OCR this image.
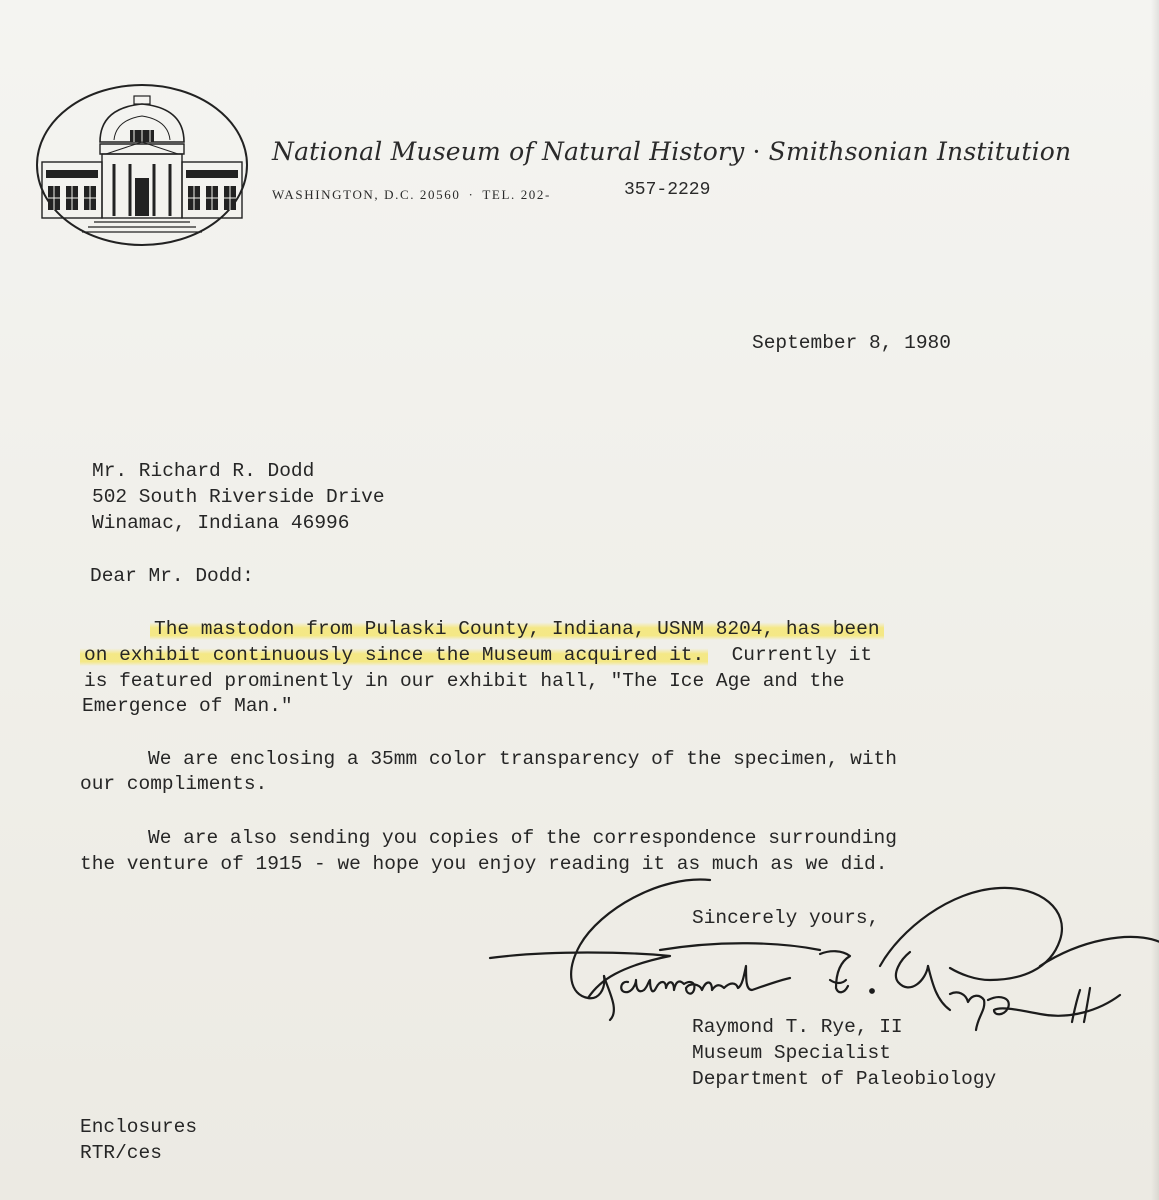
National Museum of Natural History · Smithsonian Institution
WASHINGTON, D.C. 20560 · TEL. 202-	357-2229
September 8, 1980
Mr. Richard R. Dodd
502 South Riverside Drive
Winamac, Indiana 46996
Dear Mr. Dodd:
The mastodon from Pulaski County, Indiana, USNM 8204, has been
on exhibit continuously since the Museum acquired it.  Currently it
is featured prominently in our exhibit hall, "The Ice Age and the
Emergence of Man."
We are enclosing a 35mm color transparency of the specimen, with
our compliments.
We are also sending you copies of the correspondence surrounding
the venture of 1915 - we hope you enjoy reading it as much as we did.
Sincerely yours,
Raymond T. Rye, II
Museum Specialist
Department of Paleobiology
Enclosures
RTR/ces
